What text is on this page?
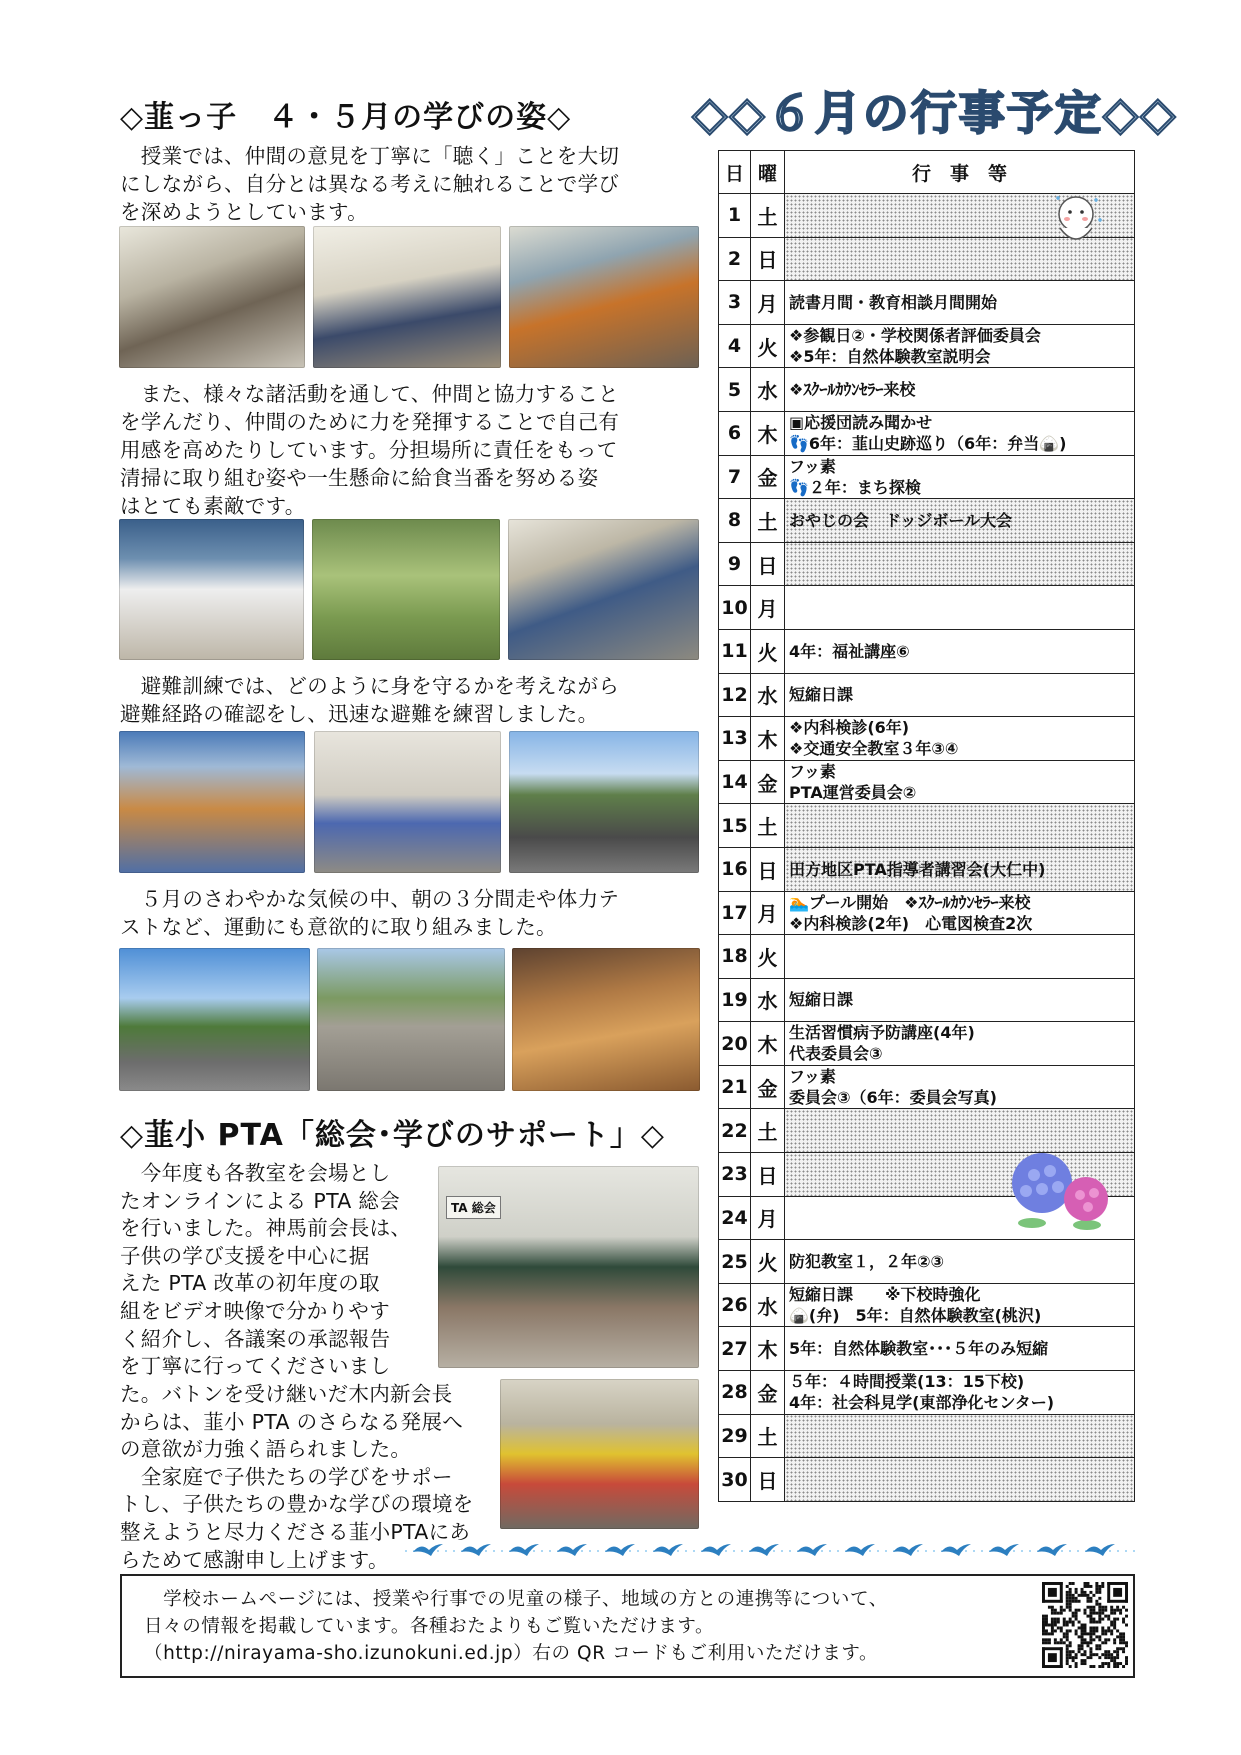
◇韮っ子　４・５月の学びの姿◇

　授業では、仲間の意見を丁寧に「聴く」ことを大切

にしながら、自分とは異なる考えに触れることで学び

を深めようとしています。

　また、様々な諸活動を通して、仲間と協力すること

を学んだり、仲間のために力を発揮することで自己有

用感を高めたりしています。分担場所に責任をもって

清掃に取り組む姿や一生懸命に給食当番を努める姿

はとても素敵です。

　避難訓練では、どのように身を守るかを考えながら

避難経路の確認をし、迅速な避難を練習しました。

　５月のさわやかな気候の中、朝の３分間走や体力テ

ストなど、運動にも意欲的に取り組みました。

◇韮小 PTA「総会･学びのサポート」◇

　今年度も各教室を会場とし

たオンラインによる PTA 総会

を行いました。神馬前会長は、

子供の学び支援を中心に据

えた PTA 改革の初年度の取

組をビデオ映像で分かりやす

く紹介し、各議案の承認報告

を丁寧に行ってくださいまし

た。バトンを受け継いだ木内新会長

からは、韮小 PTA のさらなる発展へ

の意欲が力強く語られました。

　全家庭で子供たちの学びをサポー

トし、子供たちの豊かな学びの環境を

整えようと尽力くださる韮小PTAにあ

らためて感謝申し上げます。

TA 総会
◇◇６月の行事予定◇◇
日	曜	行　事　等
1	土	
2	日	
3	月	読書月間・教育相談月間開始

4	火	❖参観日②・学校関係者評価委員会
❖5年：自然体験教室説明会

5	水	❖ｽｸｰﾙｶｳﾝｾﾗｰ来校

6	木	▣応援団読み聞かせ
👣6年：韮山史跡巡り（6年：弁当🍙)

7	金	フッ素
👣２年：まち探検

8	土	おやじの会　ドッジボール大会

9	日	
10	月	
11	火	4年：福祉講座⑥

12	水	短縮日課

13	木	❖内科検診(6年)
❖交通安全教室３年③④

14	金	フッ素
PTA運営委員会②

15	土	
16	日	田方地区PTA指導者講習会(大仁中)

17	月	🏊プール開始　❖ｽｸｰﾙｶｳﾝｾﾗｰ来校
❖内科検診(2年)　心電図検査2次

18	火	
19	水	短縮日課

20	木	生活習慣病予防講座(4年)
代表委員会③

21	金	フッ素
委員会③（6年：委員会写真)

22	土	
23	日	
24	月	
25	火	防犯教室１，２年②③

26	水	短縮日課　　※下校時強化
🍙(弁)　5年：自然体験教室(桃沢)

27	木	5年：自然体験教室･･･５年のみ短縮

28	金	５年：４時間授業(13：15下校)
4年：社会科見学(東部浄化センター)

29	土	
30	日	
　学校ホームページには、授業や行事での児童の様子、地域の方との連携等について、
日々の情報を掲載しています。各種おたよりもご覧いただけます。
（http://nirayama-sho.izunokuni.ed.jp）右の QR コードもご利用いただけます。
